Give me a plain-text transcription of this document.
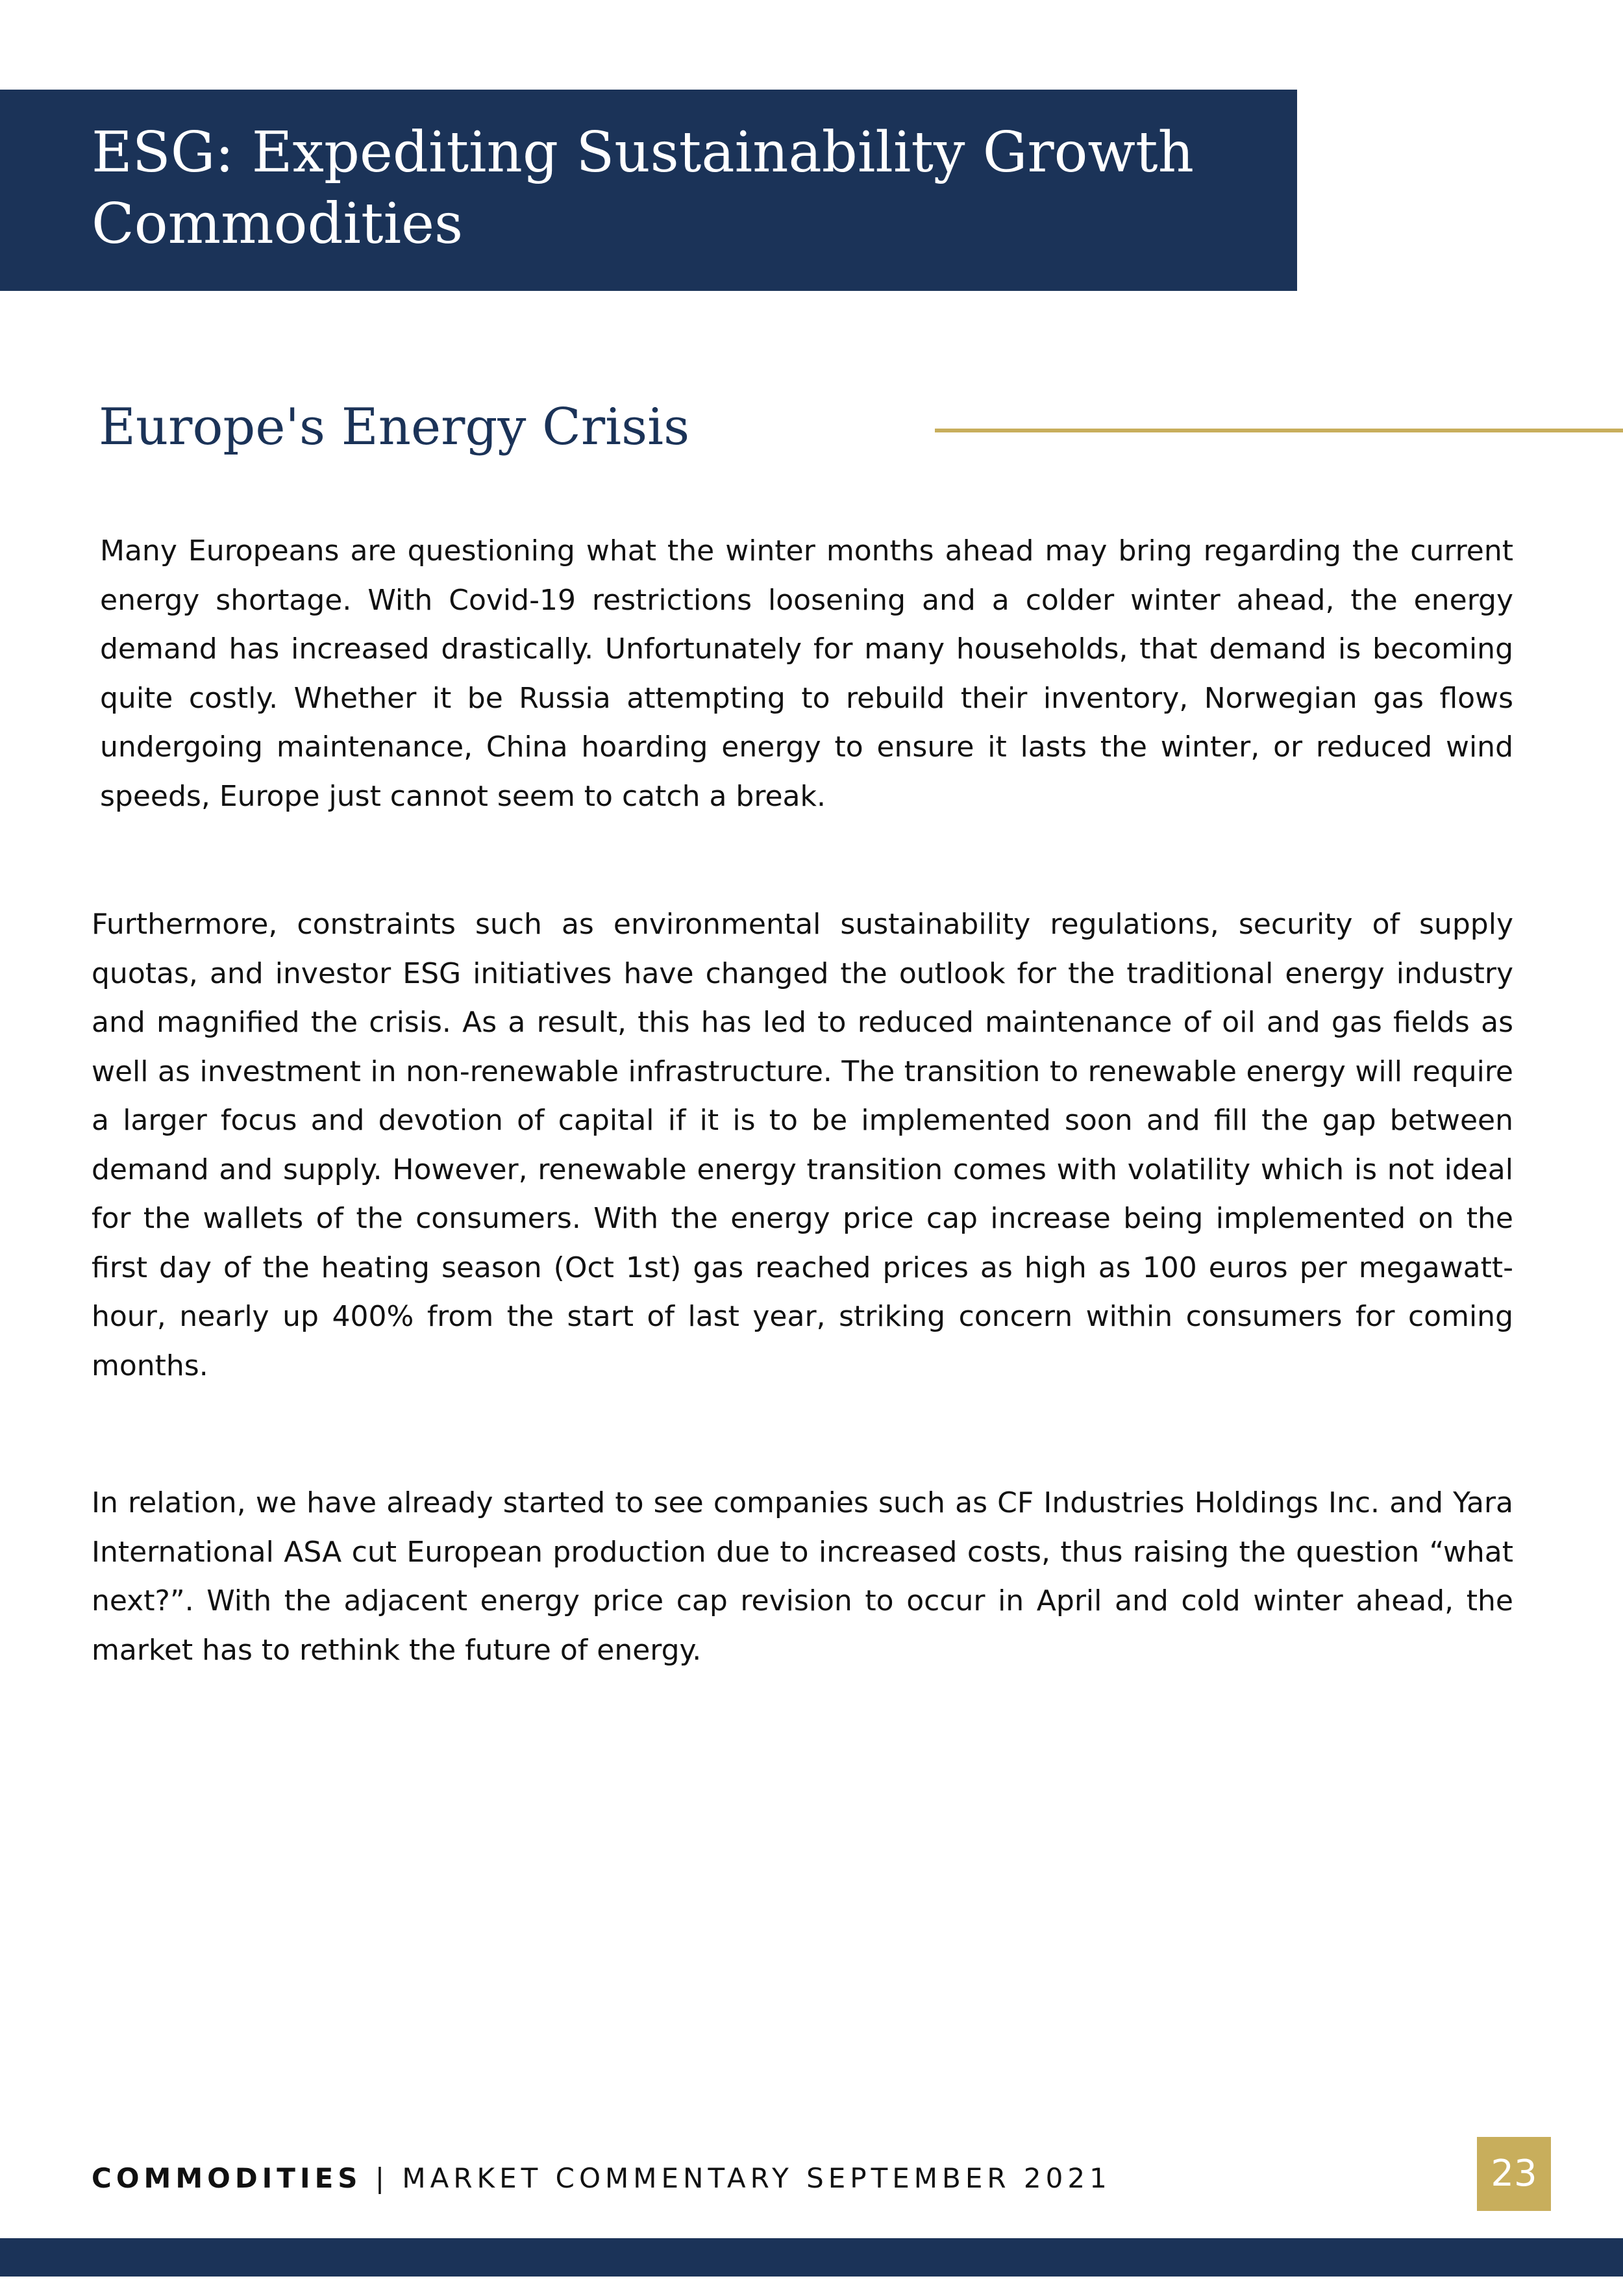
ESG: Expediting Sustainability Growth
Commodities
Europe's Energy Crisis

Many Europeans are questioning what the winter months ahead may bring regarding the current energy shortage. With Covid-19 restrictions loosening and a colder winter ahead, the energy demand has increased drastically. Unfortunately for many households, that demand is becoming quite costly. Whether it be Russia attempting to rebuild their inventory, Norwegian gas flows undergoing maintenance, China hoarding energy to ensure it lasts the winter, or reduced wind speeds, Europe just cannot seem to catch a break.

Furthermore, constraints such as environmental sustainability regulations, security of supply quotas, and investor ESG initiatives have changed the outlook for the traditional energy industry and magnified the crisis. As a result, this has led to reduced maintenance of oil and gas fields as well as investment in non-renewable infrastructure. The transition to renewable energy will require a larger focus and devotion of capital if it is to be implemented soon and fill the gap between demand and supply. However, renewable energy transition comes with volatility which is not ideal for the wallets of the consumers. With the energy price cap increase being implemented on the first day of the heating season (Oct 1st) gas reached prices as high as 100 euros per megawatt-hour, nearly up 400% from the start of last year, striking concern within consumers for coming months.

In relation, we have already started to see companies such as CF Industries Holdings Inc. and Yara International ASA cut European production due to increased costs, thus raising the question “what next?”. With the adjacent energy price cap revision to occur in April and cold winter ahead, the market has to rethink the future of energy.

COMMODITIES | MARKET COMMENTARY SEPTEMBER 2021	23
